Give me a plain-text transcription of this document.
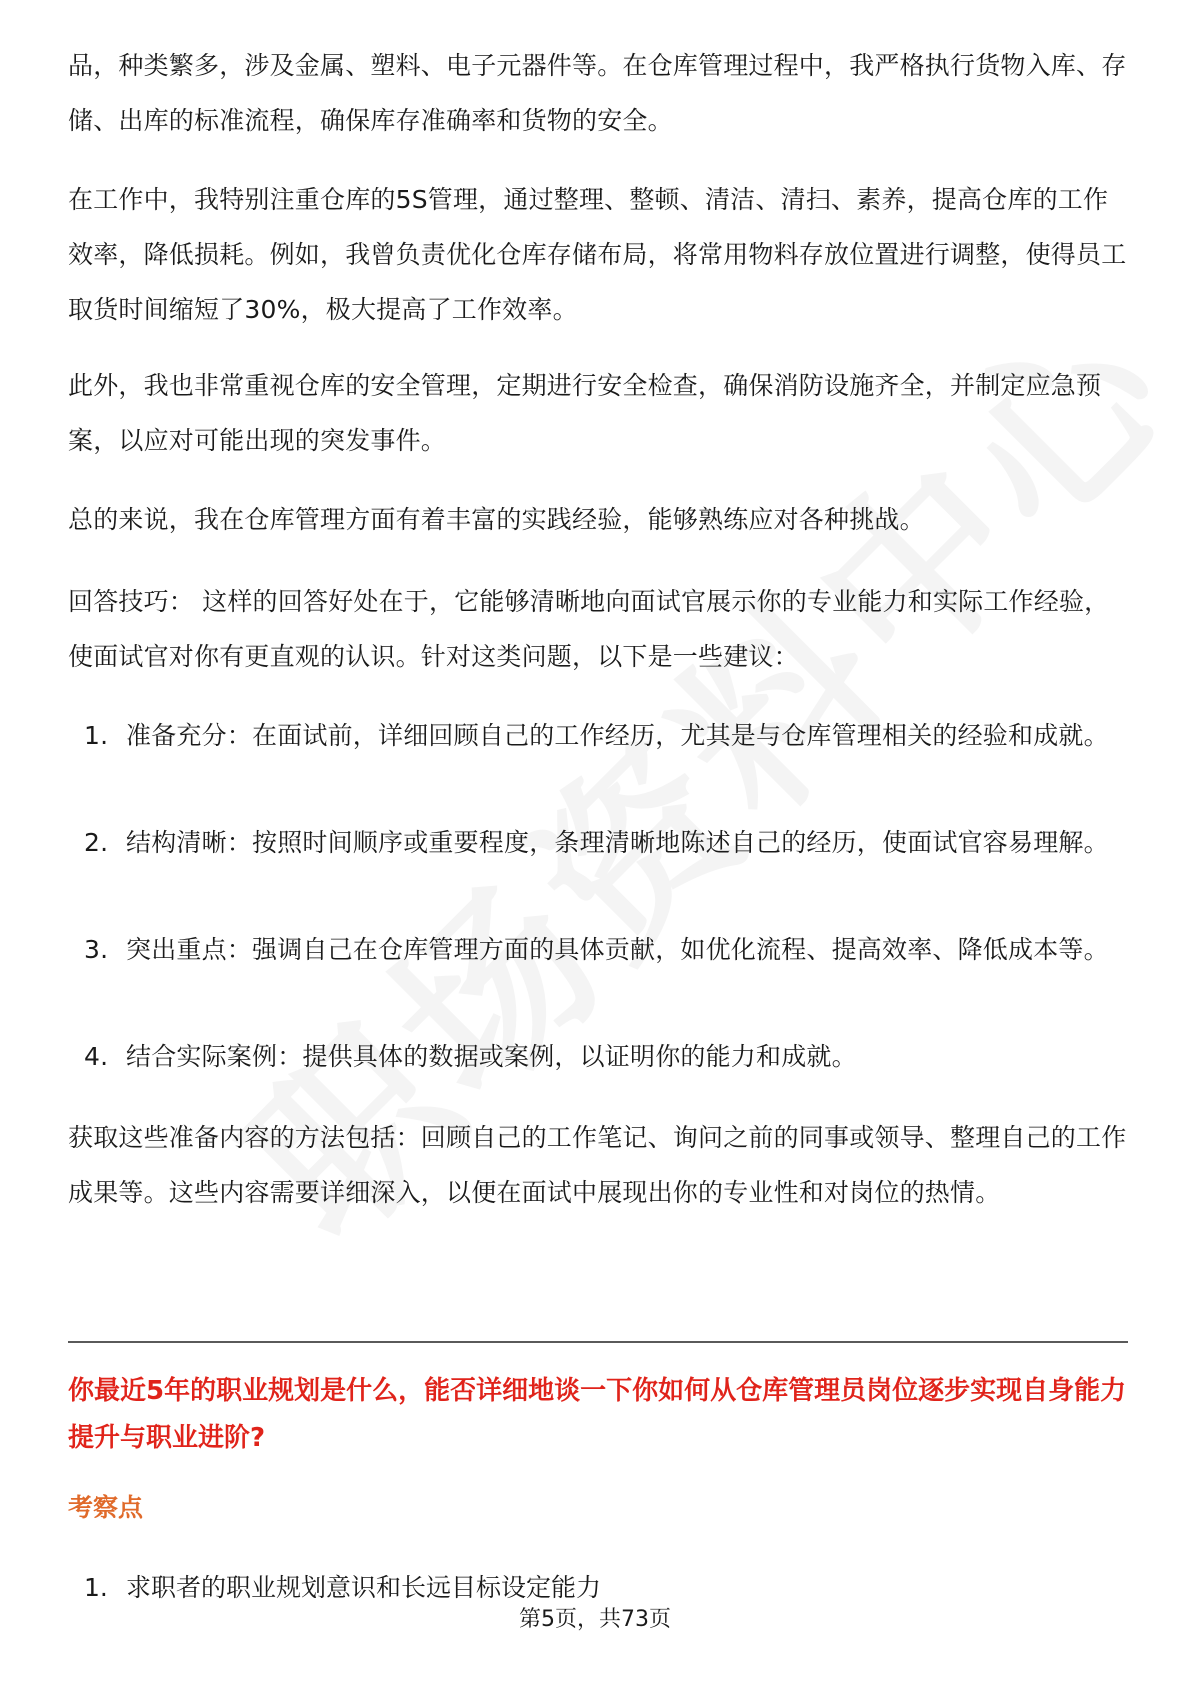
品，种类繁多，涉及金属、塑料、电子元器件等。在仓库管理过程中，我严格执行货物入库、存储、出库的标准流程，确保库存准确率和货物的安全。

在工作中，我特别注重仓库的5S管理，通过整理、整顿、清洁、清扫、素养，提高仓库的工作效率，降低损耗。例如，我曾负责优化仓库存储布局，将常用物料存放位置进行调整，使得员工取货时间缩短了30%，极大提高了工作效率。

此外，我也非常重视仓库的安全管理，定期进行安全检查，确保消防设施齐全，并制定应急预案，以应对可能出现的突发事件。

总的来说，我在仓库管理方面有着丰富的实践经验，能够熟练应对各种挑战。

回答技巧： 这样的回答好处在于，它能够清晰地向面试官展示你的专业能力和实际工作经验，使面试官对你有更直观的认识。针对这类问题，以下是一些建议：

1. 准备充分：在面试前，详细回顾自己的工作经历，尤其是与仓库管理相关的经验和成就。

2. 结构清晰：按照时间顺序或重要程度，条理清晰地陈述自己的经历，使面试官容易理解。

3. 突出重点：强调自己在仓库管理方面的具体贡献，如优化流程、提高效率、降低成本等。

4. 结合实际案例：提供具体的数据或案例，以证明你的能力和成就。

获取这些准备内容的方法包括：回顾自己的工作笔记、询问之前的同事或领导、整理自己的工作成果等。这些内容需要详细深入，以便在面试中展现出你的专业性和对岗位的热情。

你最近5年的职业规划是什么，能否详细地谈一下你如何从仓库管理员岗位逐步实现自身能力提升与职业进阶?

考察点

1. 求职者的职业规划意识和长远目标设定能力
第5页，共73页
